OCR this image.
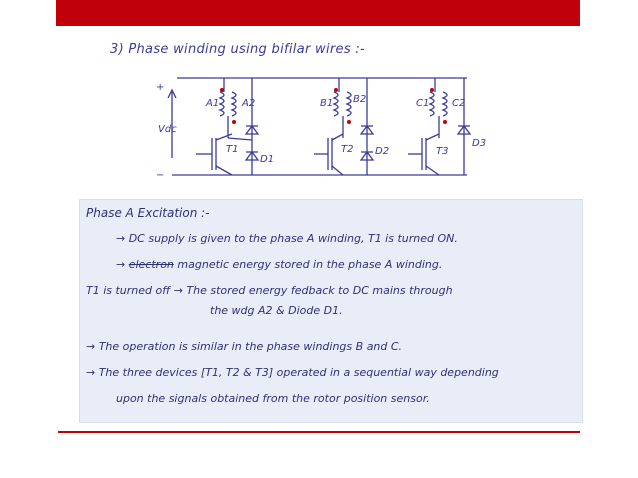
3) Phase winding using bifilar wires :-
+
−
Vdc
A1 A2	B1 B2	C1 C2
T1	T2	T3
D1
D2
D3
Phase A Excitation :-
→ DC supply is given to the phase A winding, T1 is turned ON.
→ electron magnetic energy stored in the phase A winding.
T1 is turned off → The stored energy fedback to DC mains through
the wdg A2 & Diode D1.
→ The operation is similar in the phase windings B and C.
→ The three devices [T1, T2 & T3] operated in a sequential way depending
upon the signals obtained from the rotor position sensor.
